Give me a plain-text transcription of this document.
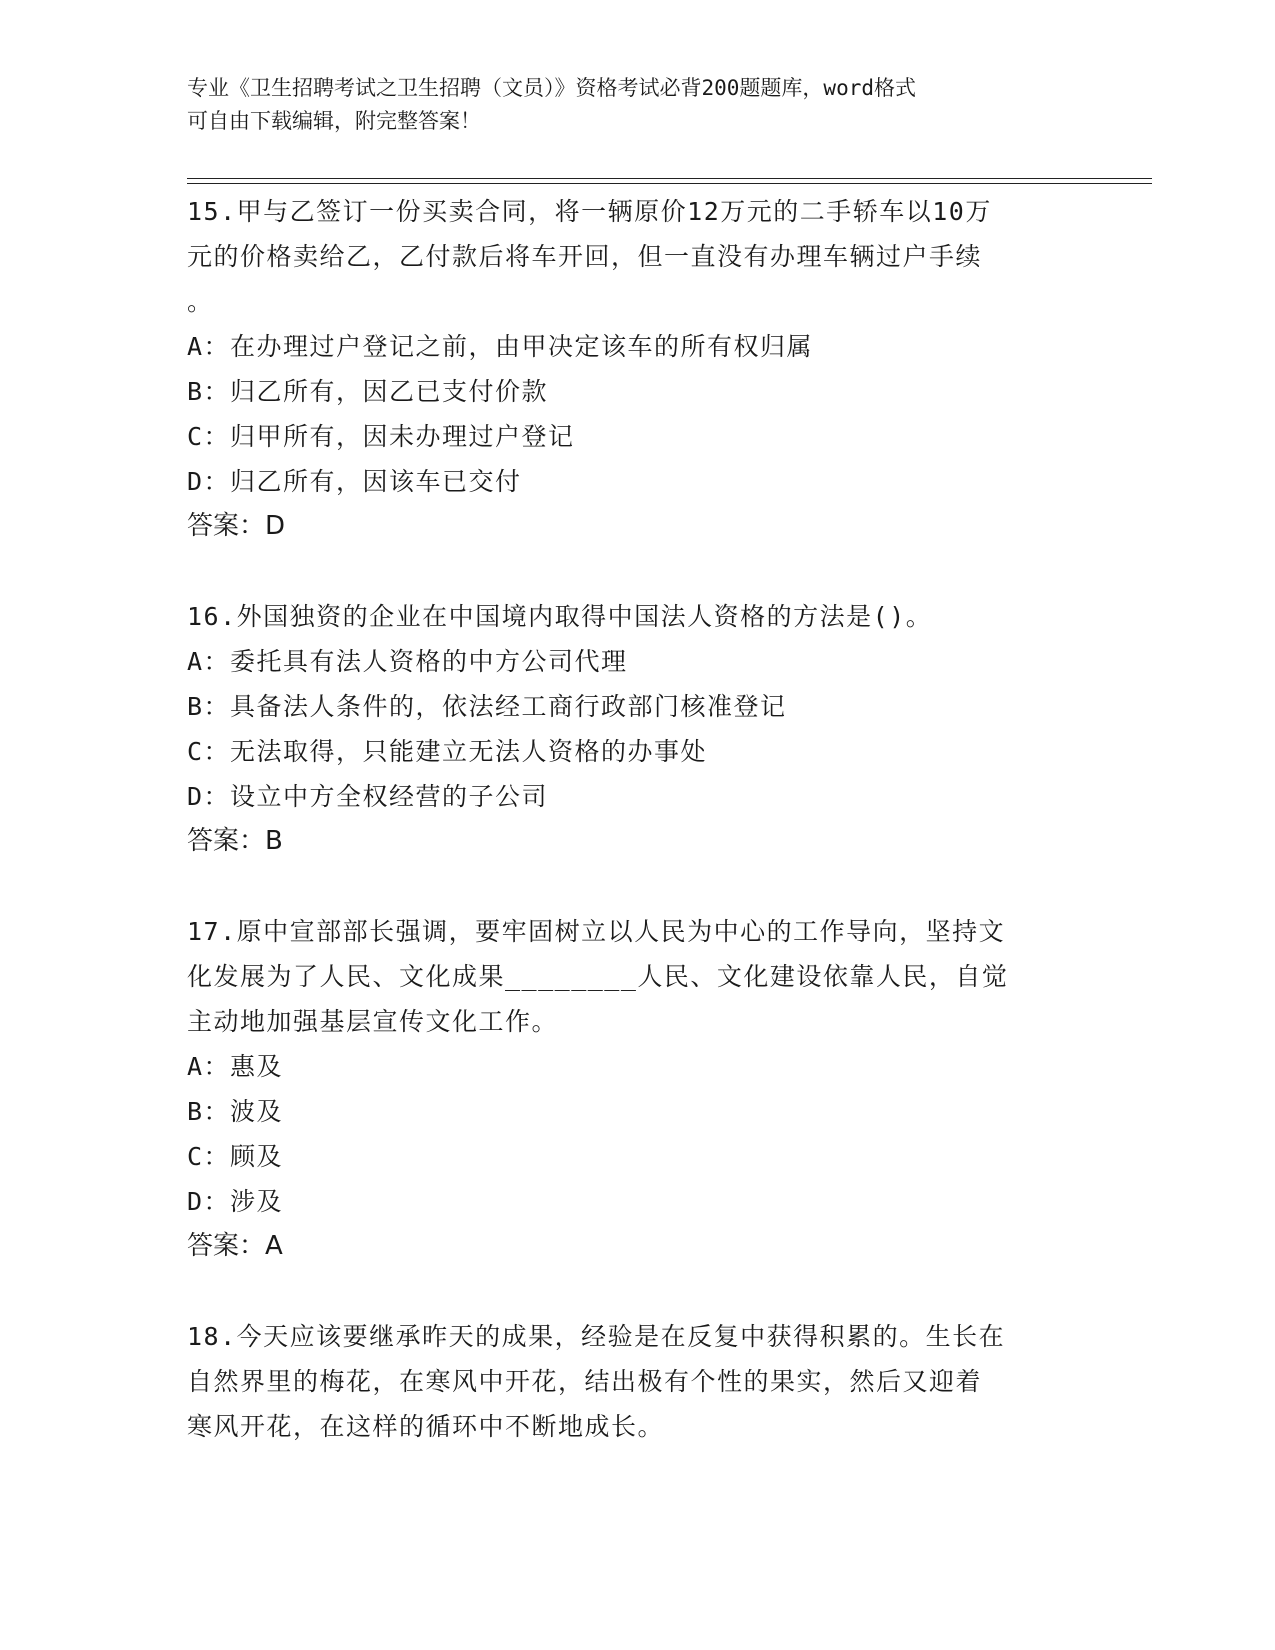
专业《卫生招聘考试之卫生招聘（文员）》资格考试必背200题题库，word格式
可自由下载编辑，附完整答案！

15.甲与乙签订一份买卖合同，将一辆原价12万元的二手轿车以10万

元的价格卖给乙，乙付款后将车开回，但一直没有办理车辆过户手续

。

A：在办理过户登记之前，由甲决定该车的所有权归属

B：归乙所有，因乙已支付价款

C：归甲所有，因未办理过户登记

D：归乙所有，因该车已交付

答案：D

16.外国独资的企业在中国境内取得中国法人资格的方法是()。

A：委托具有法人资格的中方公司代理

B：具备法人条件的，依法经工商行政部门核准登记

C：无法取得，只能建立无法人资格的办事处

D：设立中方全权经营的子公司

答案：B

17.原中宣部部长强调，要牢固树立以人民为中心的工作导向，坚持文

化发展为了人民、文化成果________人民、文化建设依靠人民，自觉

主动地加强基层宣传文化工作。

A：惠及

B：波及

C：顾及

D：涉及

答案：A

18.今天应该要继承昨天的成果，经验是在反复中获得积累的。生长在

自然界里的梅花，在寒风中开花，结出极有个性的果实，然后又迎着

寒风开花，在这样的循环中不断地成长。
